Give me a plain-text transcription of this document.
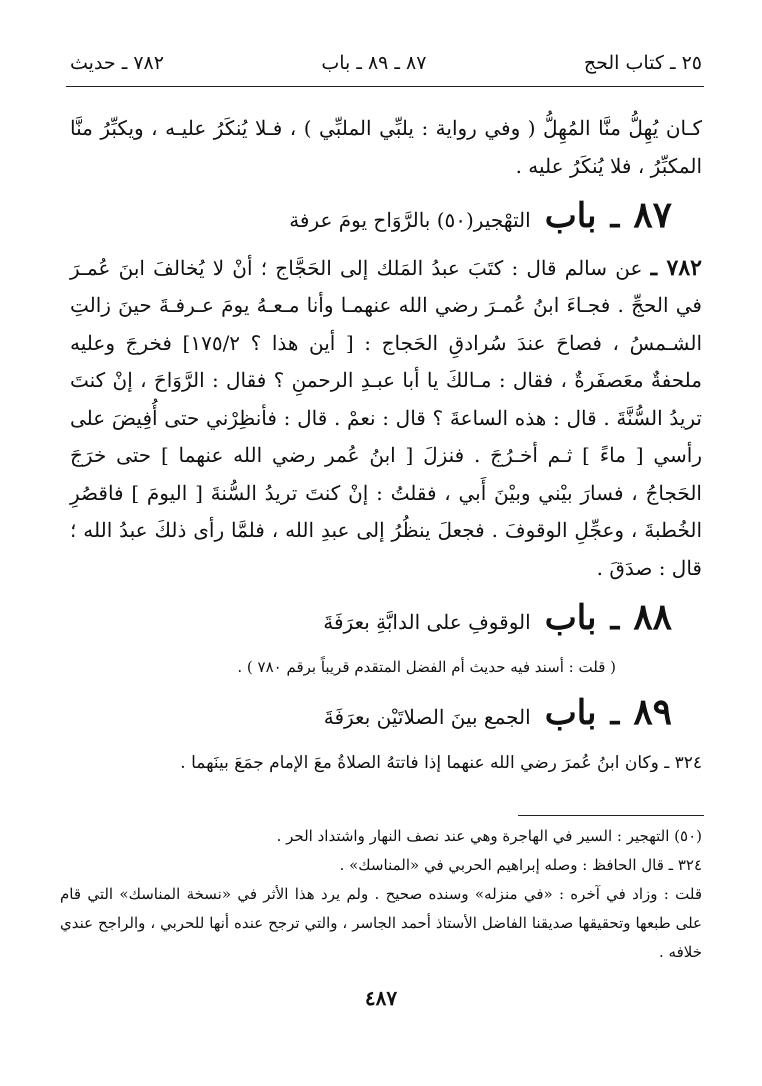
٢٥ ـ كتاب الحج
٨٧ ـ ٨٩ ـ باب
٧٨٢ ـ حديث

كـان يُهِلُّ منَّا المُهِلُّ ( وفي رواية : يلبِّي الملبِّي ) ، فـلا يُنكَرُ عليـه ، ويكبِّرُ منَّا المكبِّرُ ، فلا يُنكَرُ عليه .

٨٧
ـ
باب
التهْجير(٥٠) بالرَّوَاح يومَ عرفة

٧٨٢ ـ عن سالم قال : كتَبَ عبدُ المَلك إلى الحَجَّاج ؛ أنْ لا يُخالفَ ابنَ عُمـرَ في الحجِّ . فجـاءَ ابنُ عُمـرَ رضي الله عنهمـا وأنا مـعـهُ يومَ عـرفـةَ حينَ زالتِ الشـمسُ ، فصاحَ عندَ سُرادقِ الحَجاج : [ أين هذا ؟ ١٧٥/٢] فخرجَ وعليه ملحفةٌ معَصفَرةٌ ، فقال : مـالكَ يا أبا عبـدِ الرحمنِ ؟ فقال : الرَّوَاحَ ، إنْ كنتَ تريدُ السُّنَّةَ . قال : هذه الساعةَ ؟ قال : نعمْ . قال : فأنظِرْني حتى أُفِيضَ على رأسي [ ماءً ] ثـم أخـرُجَ . فنزلَ [ ابنُ عُمر رضي الله عنهما ] حتى خرَجَ الحَجاجُ ، فسارَ بيْني وبيْنَ أَبي ، فقلتُ : إنْ كنتَ تريدُ السُّنةَ [ اليومَ ] فاقصُرِ الخُطبةَ ، وعجِّلِ الوقوفَ . فجعلَ ينظُرُ إلى عبدِ الله ، فلمَّا رأى ذلكَ عبدُ الله ؛ قال : صدَقَ .

٨٨
ـ
باب
الوقوفِ على الدابَّةِ بعرَفَةَ

( قلت : أسند فيه حديث أم الفضل المتقدم قريباً برقم ٧٨٠ ) .

٨٩
ـ
باب
الجمع بينَ الصلاتَيْن بعرَفَةَ

٣٢٤ ـ وكان ابنُ عُمرَ رضي الله عنهما إذا فاتتهُ الصلاةُ معَ الإمام جمَعَ بينَهما .

(٥٠) التهجير : السير في الهاجرة وهي عند نصف النهار واشتداد الحر .

٣٢٤ ـ قال الحافظ : وصله إبراهيم الحربي في «المناسك» .

قلت : وزاد في آخره : «في منزله» وسنده صحيح . ولم يرد هذا الأثر في «نسخة المناسك» التي قام على طبعها وتحقيقها صديقنا الفاضل الأستاذ أحمد الجاسر ، والتي ترجح عنده أنها للحربي ، والراجح عندي خلافه .

٤٨٧
